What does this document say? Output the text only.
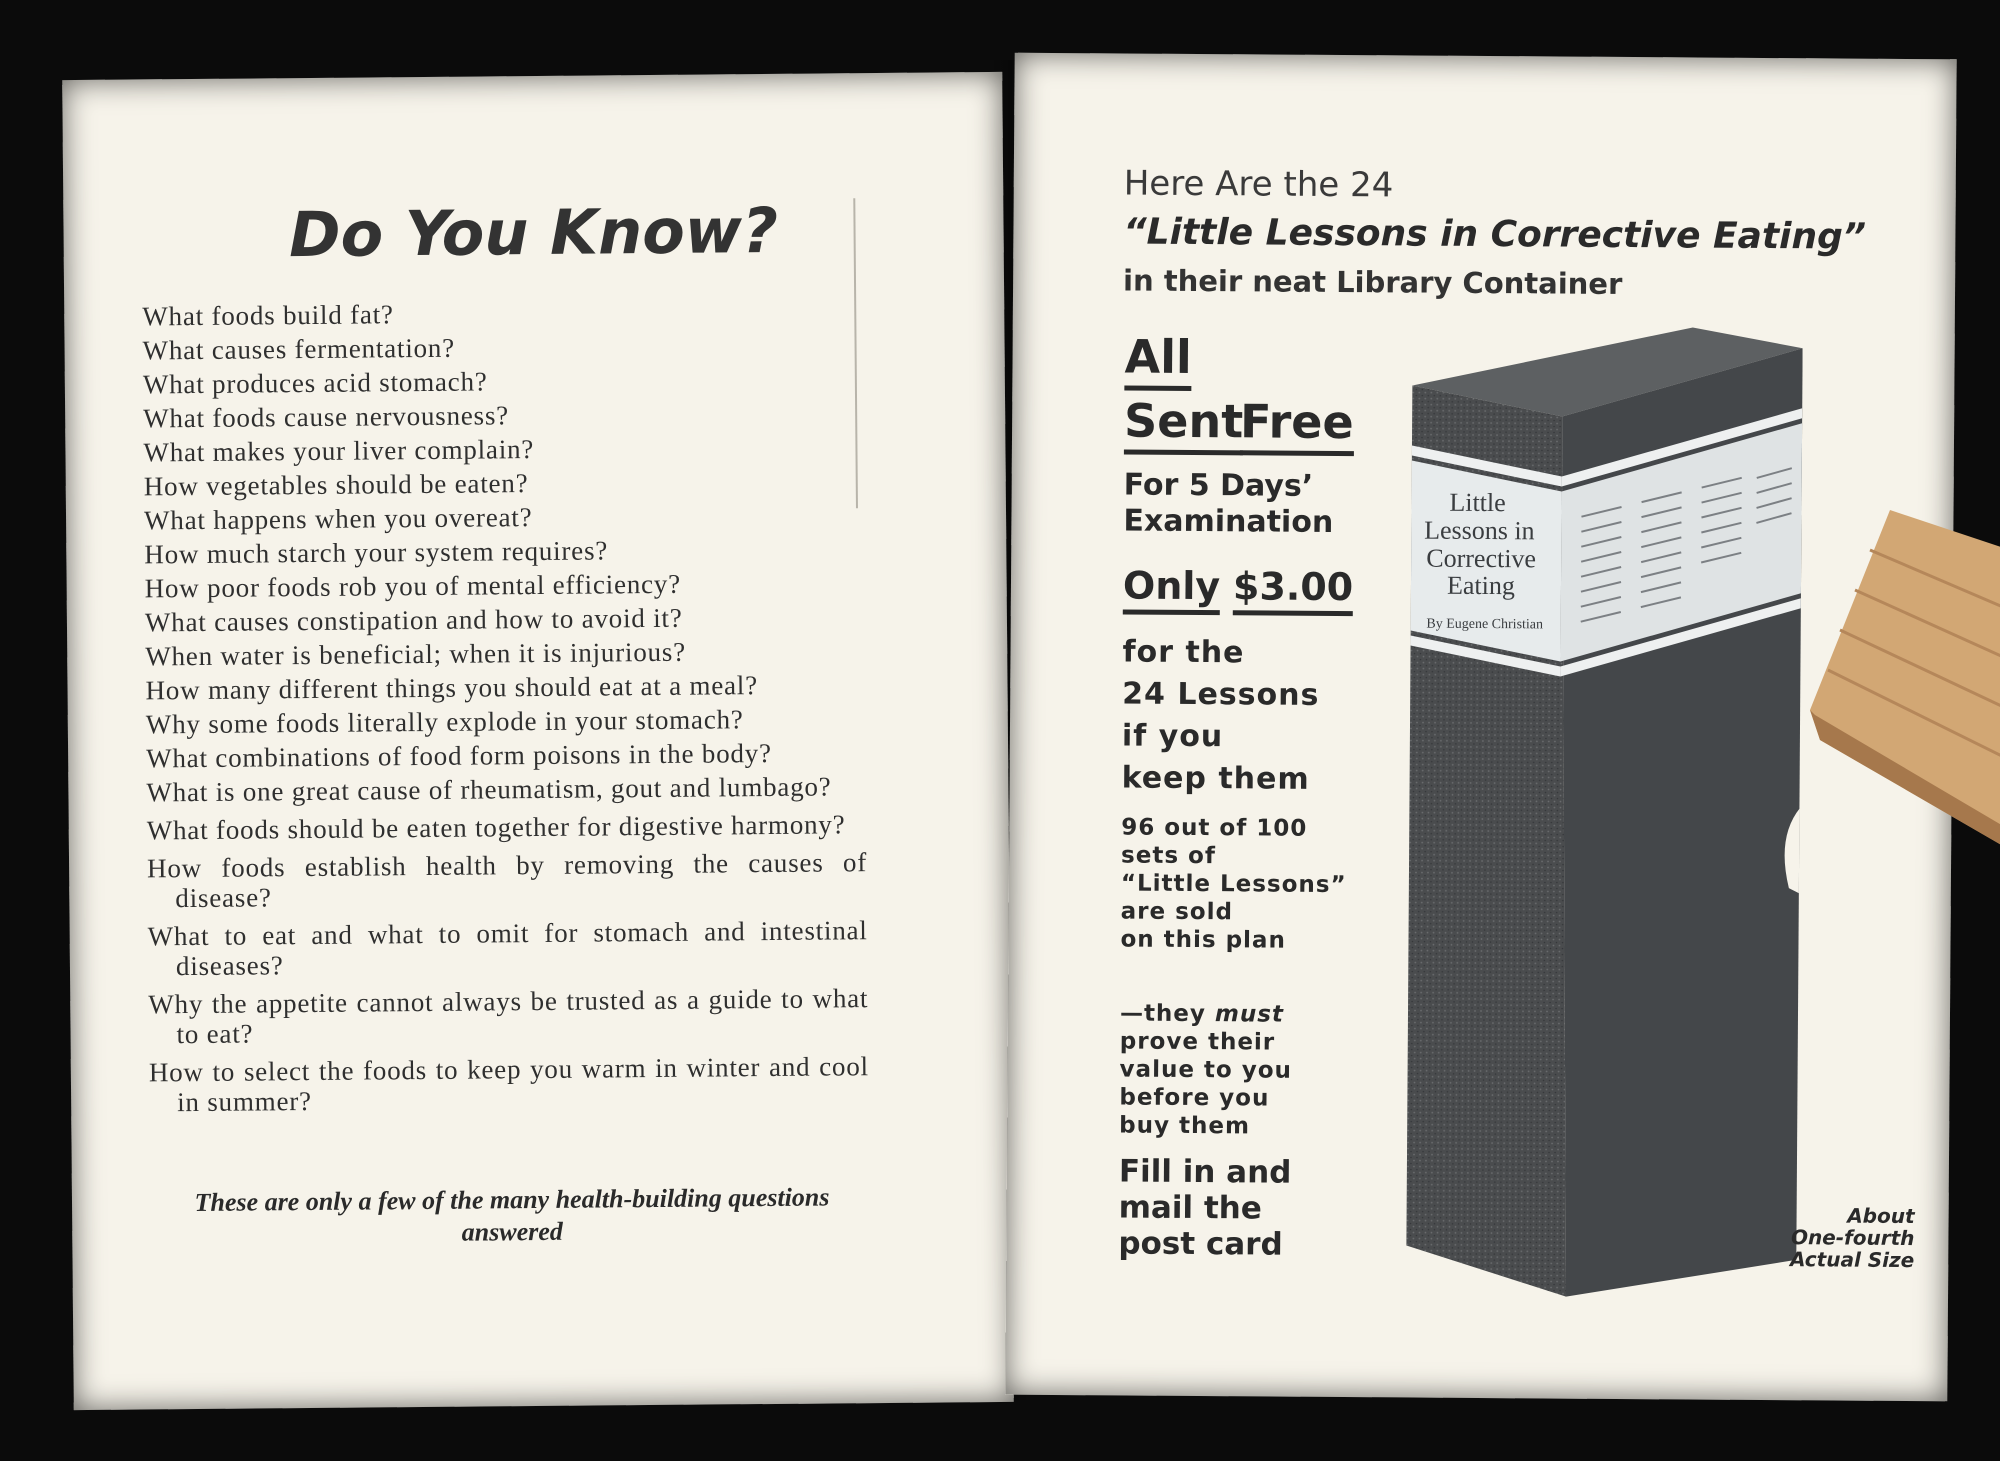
Do You Know?
What foods build fat?
What causes fermentation?
What produces acid stomach?
What foods cause nervousness?
What makes your liver complain?
How vegetables should be eaten?
What happens when you overeat?
How much starch your system requires?
How poor foods rob you of mental efficiency?
What causes constipation and how to avoid it?
When water is beneficial; when it is injurious?
How many different things you should eat at a meal?
Why some foods literally explode in your stomach?
What combinations of food form poisons in the body?
What is one great cause of rheumatism, gout and lumbago?
What foods should be eaten together for digestive harmony?
How foods establish health by removing the causes of disease?
What to eat and what to omit for stomach and intestinal diseases?
Why the appetite cannot always be trusted as a guide to what to eat?
How to select the foods to keep you warm in winter and cool in summer?
These are only a few of the many health-building questions answered
Here Are the 24
“Little Lessons in Corrective Eating”
in their neat Library Container
All
Sent
Free
For 5 Days’
Examination
Only $3.00
for the
24 Lessons
if you
keep them
96 out of 100
sets of
“Little Lessons”
are sold
on this plan
—they must
prove their
value to you
before you
buy them
Fill in and
mail the
post card
Little
Lessons in
Corrective
Eating
By Eugene Christian
About
One-fourth
Actual Size
